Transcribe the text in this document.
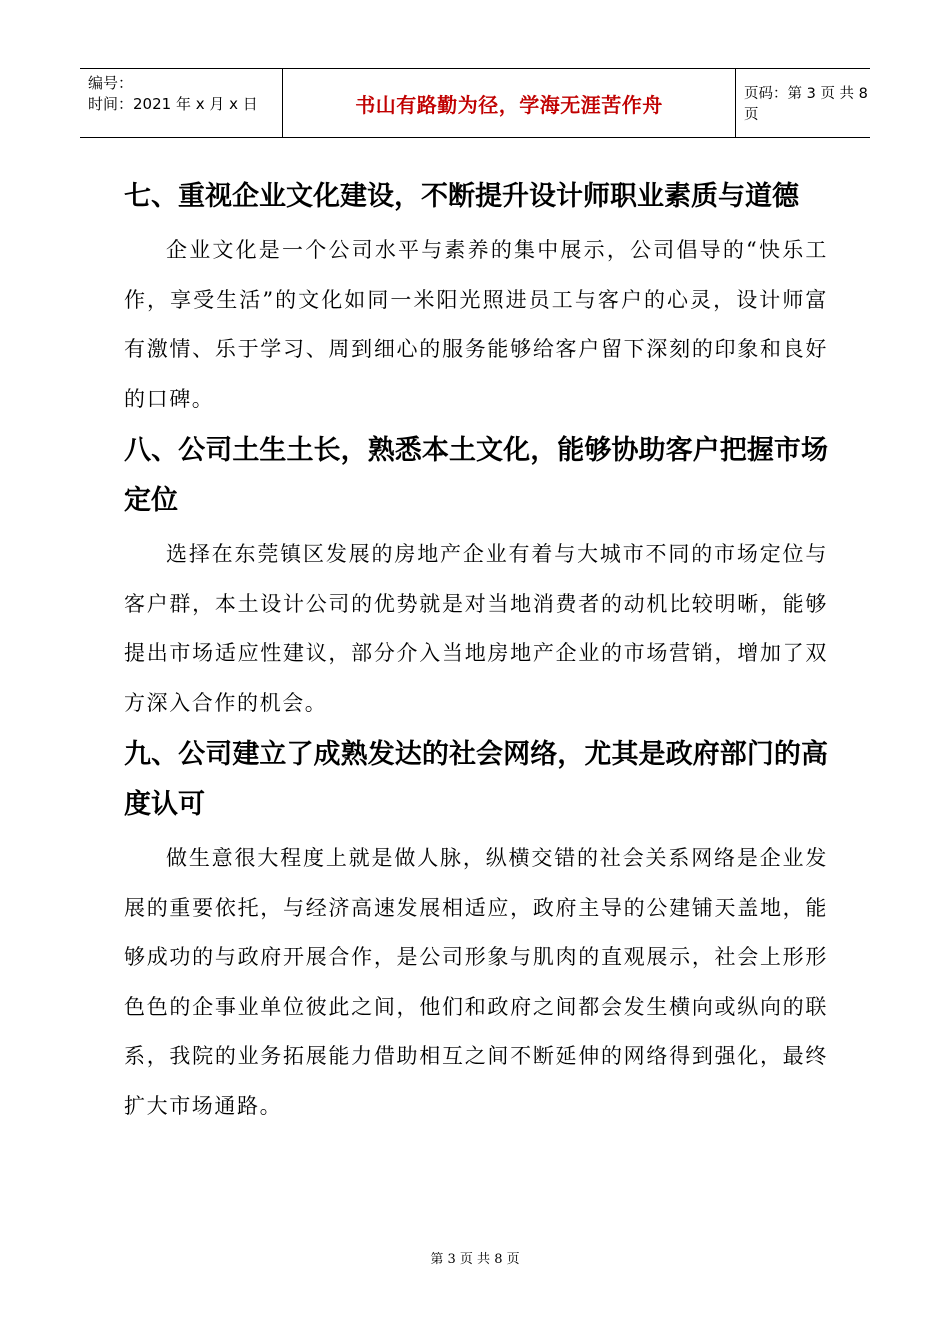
编号：
时间：2021 年 x 月 x 日	书山有路勤为径，学海无涯苦作舟	页码：第 3 页 共 8 页
七、重视企业文化建设，不断提升设计师职业素质与道德

企业文化是一个公司水平与素养的集中展示，公司倡导的“快乐工作，享受生活”的文化如同一米阳光照进员工与客户的心灵，设计师富有激情、乐于学习、周到细心的服务能够给客户留下深刻的印象和良好的口碑。

八、公司土生土长，熟悉本土文化，能够协助客户把握市场定位

选择在东莞镇区发展的房地产企业有着与大城市不同的市场定位与客户群，本土设计公司的优势就是对当地消费者的动机比较明晰，能够提出市场适应性建议，部分介入当地房地产企业的市场营销，增加了双方深入合作的机会。

九、公司建立了成熟发达的社会网络，尤其是政府部门的高度认可

做生意很大程度上就是做人脉，纵横交错的社会关系网络是企业发展的重要依托，与经济高速发展相适应，政府主导的公建铺天盖地，能够成功的与政府开展合作，是公司形象与肌肉的直观展示，社会上形形色色的企事业单位彼此之间，他们和政府之间都会发生横向或纵向的联系，我院的业务拓展能力借助相互之间不断延伸的网络得到强化，最终扩大市场通路。

第 3 页 共 8 页
